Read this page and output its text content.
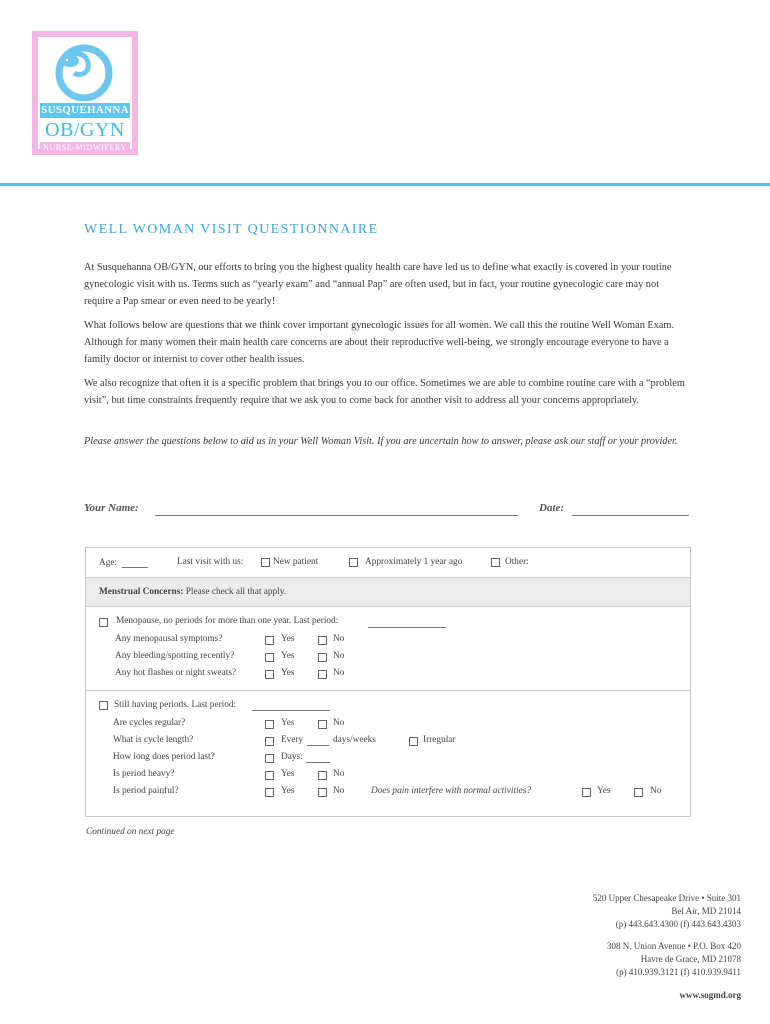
SUSQUEHANNA
OB/GYN
NURSE-MIDWIFERY
WELL WOMAN VISIT QUESTIONNAIRE

At Susquehanna OB/GYN, our efforts to bring you the highest quality health care have led us to define what exactly is covered in your routine gynecologic visit with us. Terms such as “yearly exam” and “annual Pap” are often used, but in fact, your routine gynecologic care may not require a Pap smear or even need to be yearly!

What follows below are questions that we think cover important gynecologic issues for all women. We call this the routine Well Woman Exam. Although for many women their main health care concerns are about their reproductive well-being, we strongly encourage everyone to have a family doctor or internist to cover other health issues.

We also recognize that often it is a specific problem that brings you to our office. Sometimes we are able to combine routine care with a “problem visit”, but time constraints frequently require that we ask you to come back for another visit to address all your concerns appropriately.

Please answer the questions below to aid us in your Well Woman Visit. If you are uncertain how to answer, please ask our staff or your provider.

Your Name:	Date:
Age:	Last visit with us:	New patient	Approximately 1 year ago	Other:
Menstrual Concerns: Please check all that apply.
Menopause, no periods for more than one year. Last period:
Any menopausal symptoms?	Yes	No
Any bleeding/spotting recently?	Yes	No
Any hot flashes or night sweats?	Yes	No
Still having periods. Last period:
Are cycles regular?	Yes	No
What is cycle length?	Every	days/weeks	Irregular
How long does period last?	Days:
Is period heavy?	Yes	No
Is period painful?	Yes	No	Does pain interfere with normal activities?	Yes	No
Continued on next page
520 Upper Chesapeake Drive • Suite 301
Bel Air, MD 21014
(p) 443.643.4300 (f) 443.643.4303
308 N. Union Avenue • P.O. Box 420
Havre de Grace, MD 21078
(p) 410.939.3121 (f) 410.939.9411
www.sogmd.org
